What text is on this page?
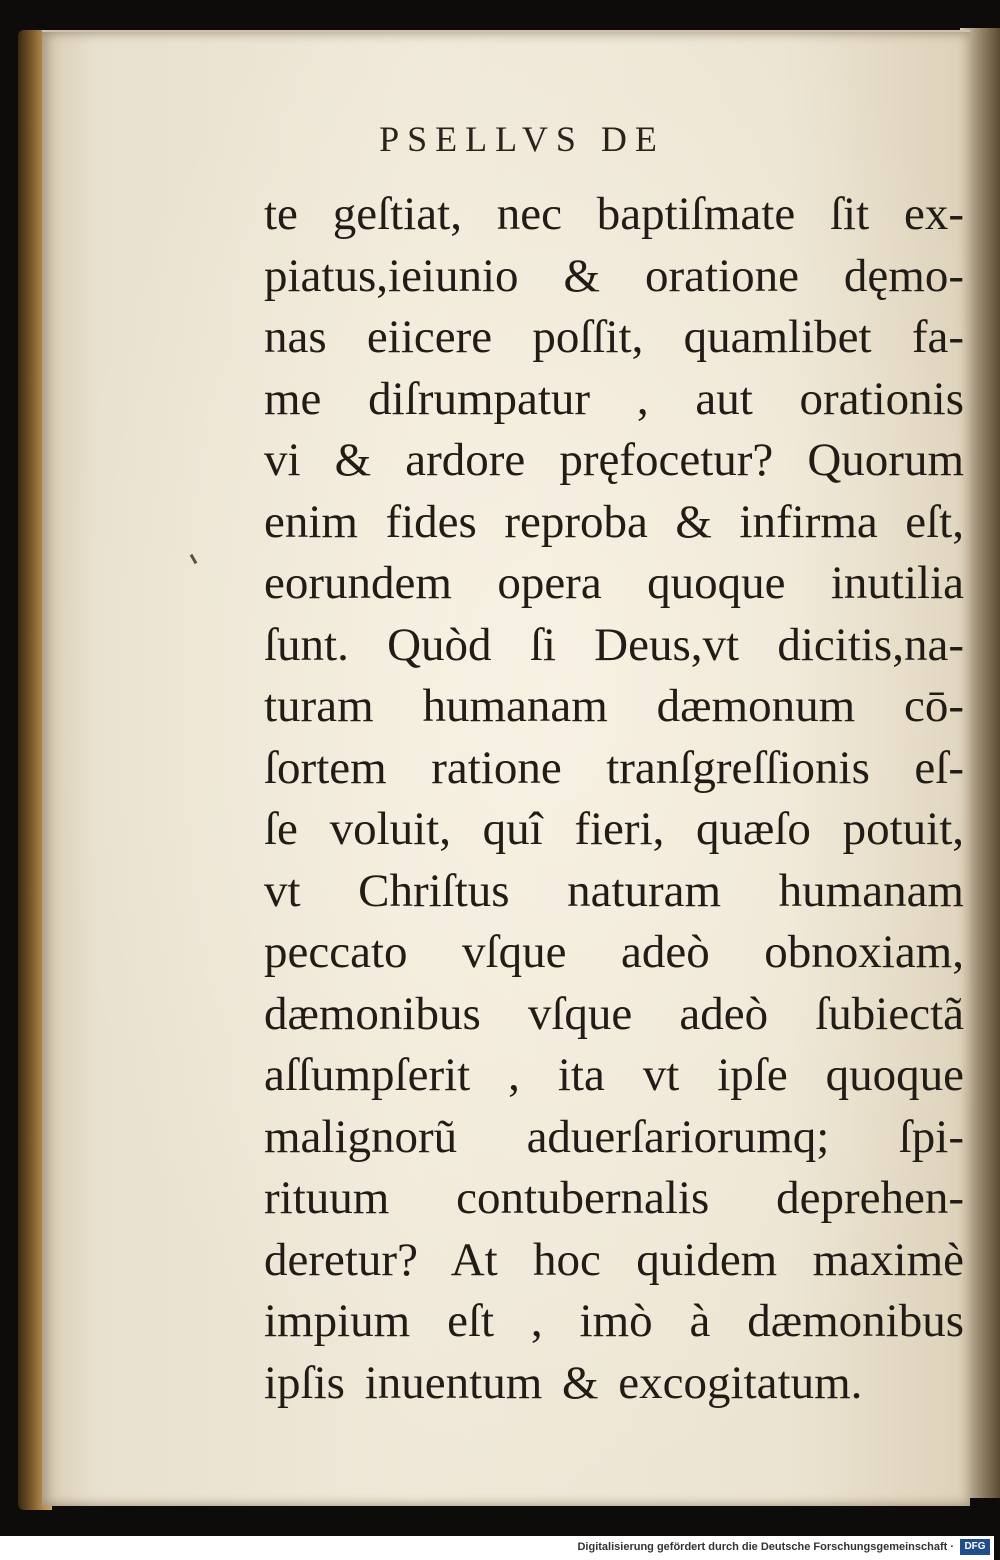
PSELLVS DE
te geſtiat, nec baptiſmate ſit ex-
piatus,ieiunio & oratione dęmo-
nas eiicere poſſit, quamlibet fa-
me diſrumpatur , aut orationis
vi & ardore pręfocetur? Quorum
enim fides reproba & infirma eſt,
eorundem opera quoque inutilia
ſunt. Quòd ſi Deus,vt dicitis,na-
turam humanam dæmonum cō-
ſortem ratione tranſgreſſionis eſ-
ſe voluit, quî fieri, quæſo potuit,
vt Chriſtus naturam humanam
peccato vſque adeò obnoxiam,
dæmonibus vſque adeò ſubiectã
aſſumpſerit , ita vt ipſe quoque
malignorũ aduerſariorumq; ſpi-
rituum contubernalis deprehen-
deretur? At hoc quidem maximè
impium eſt , imò à dæmonibus
ipſis inuentum & excogitatum.
Digitalisierung gefördert durch die Deutsche Forschungsgemeinschaft ·	DFG
